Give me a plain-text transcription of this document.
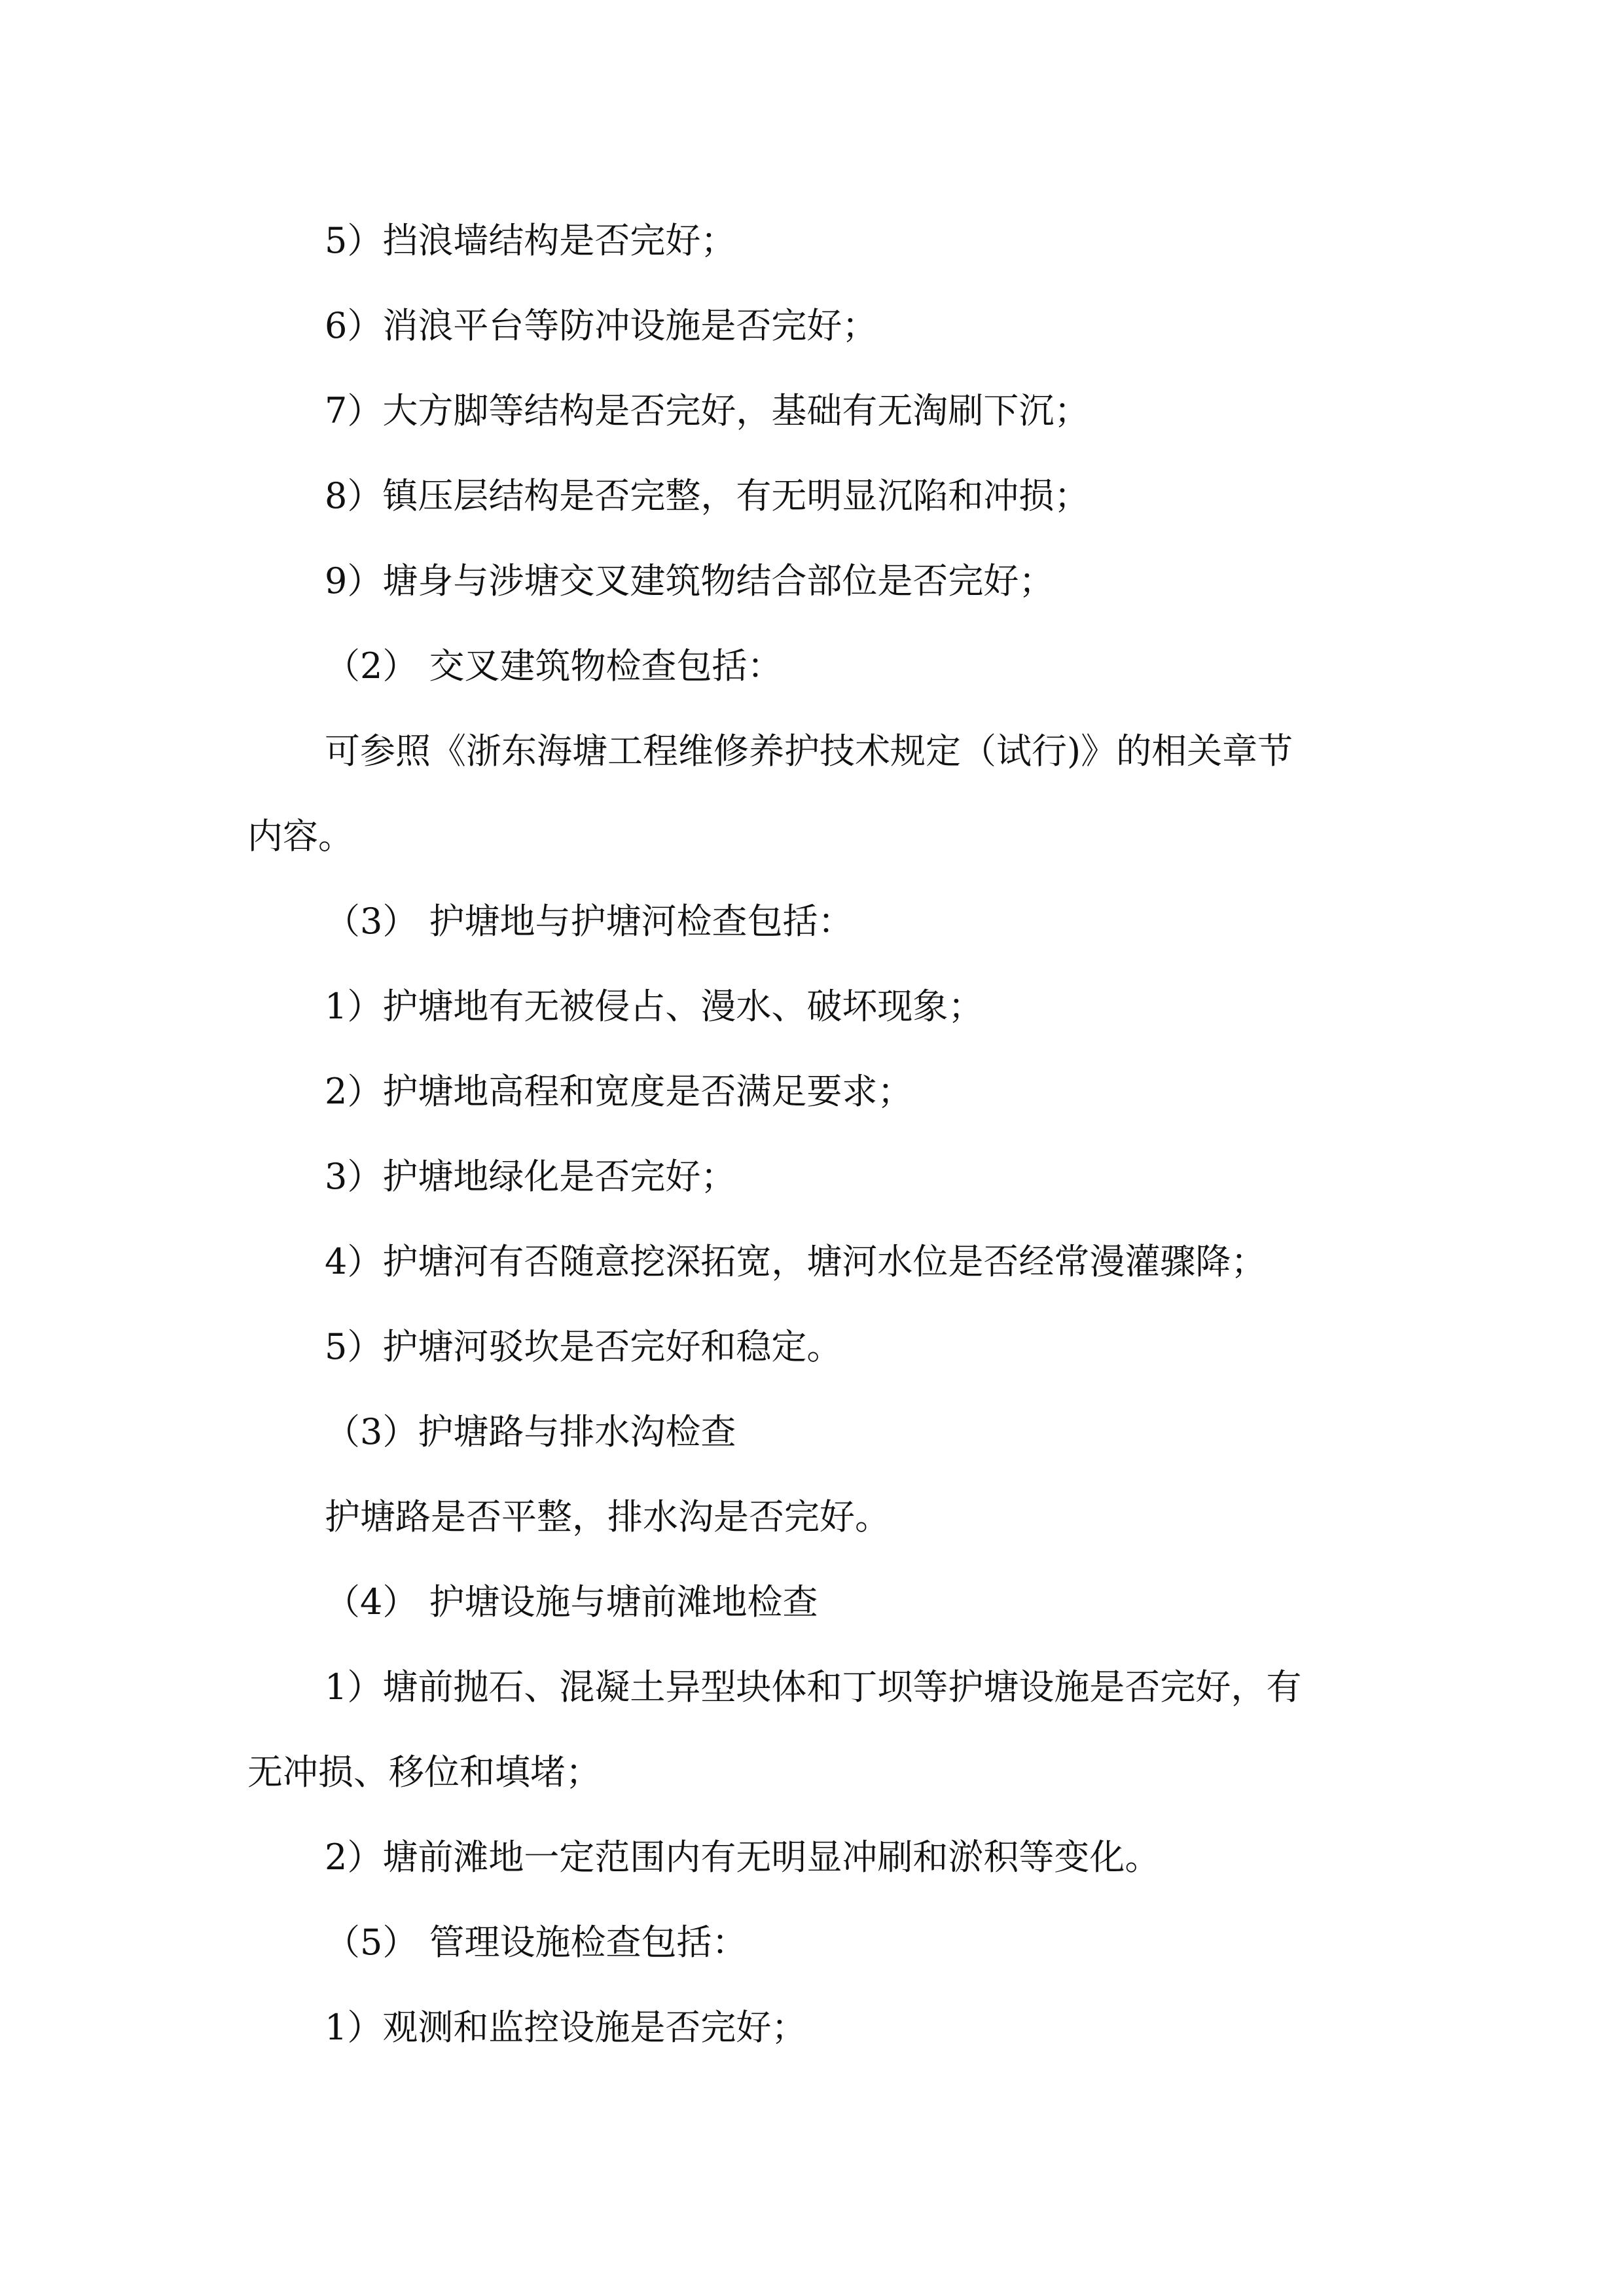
5）挡浪墙结构是否完好；
6）消浪平台等防冲设施是否完好；
7）大方脚等结构是否完好，基础有无淘刷下沉；
8）镇压层结构是否完整，有无明显沉陷和冲损；
9）塘身与涉塘交叉建筑物结合部位是否完好；
（2） 交叉建筑物检查包括：
可参照《浙东海塘工程维修养护技术规定（试行)》的相关章节
内容。
（3） 护塘地与护塘河检查包括：
1）护塘地有无被侵占、漫水、破坏现象；
2）护塘地高程和宽度是否满足要求；
3）护塘地绿化是否完好；
4）护塘河有否随意挖深拓宽，塘河水位是否经常漫灌骤降；
5）护塘河驳坎是否完好和稳定。
（3）护塘路与排水沟检查
护塘路是否平整，排水沟是否完好。
（4） 护塘设施与塘前滩地检查
1）塘前抛石、混凝土异型块体和丁坝等护塘设施是否完好，有
无冲损、移位和填堵；
2）塘前滩地一定范围内有无明显冲刷和淤积等变化。
（5） 管理设施检查包括：
1）观测和监控设施是否完好；
